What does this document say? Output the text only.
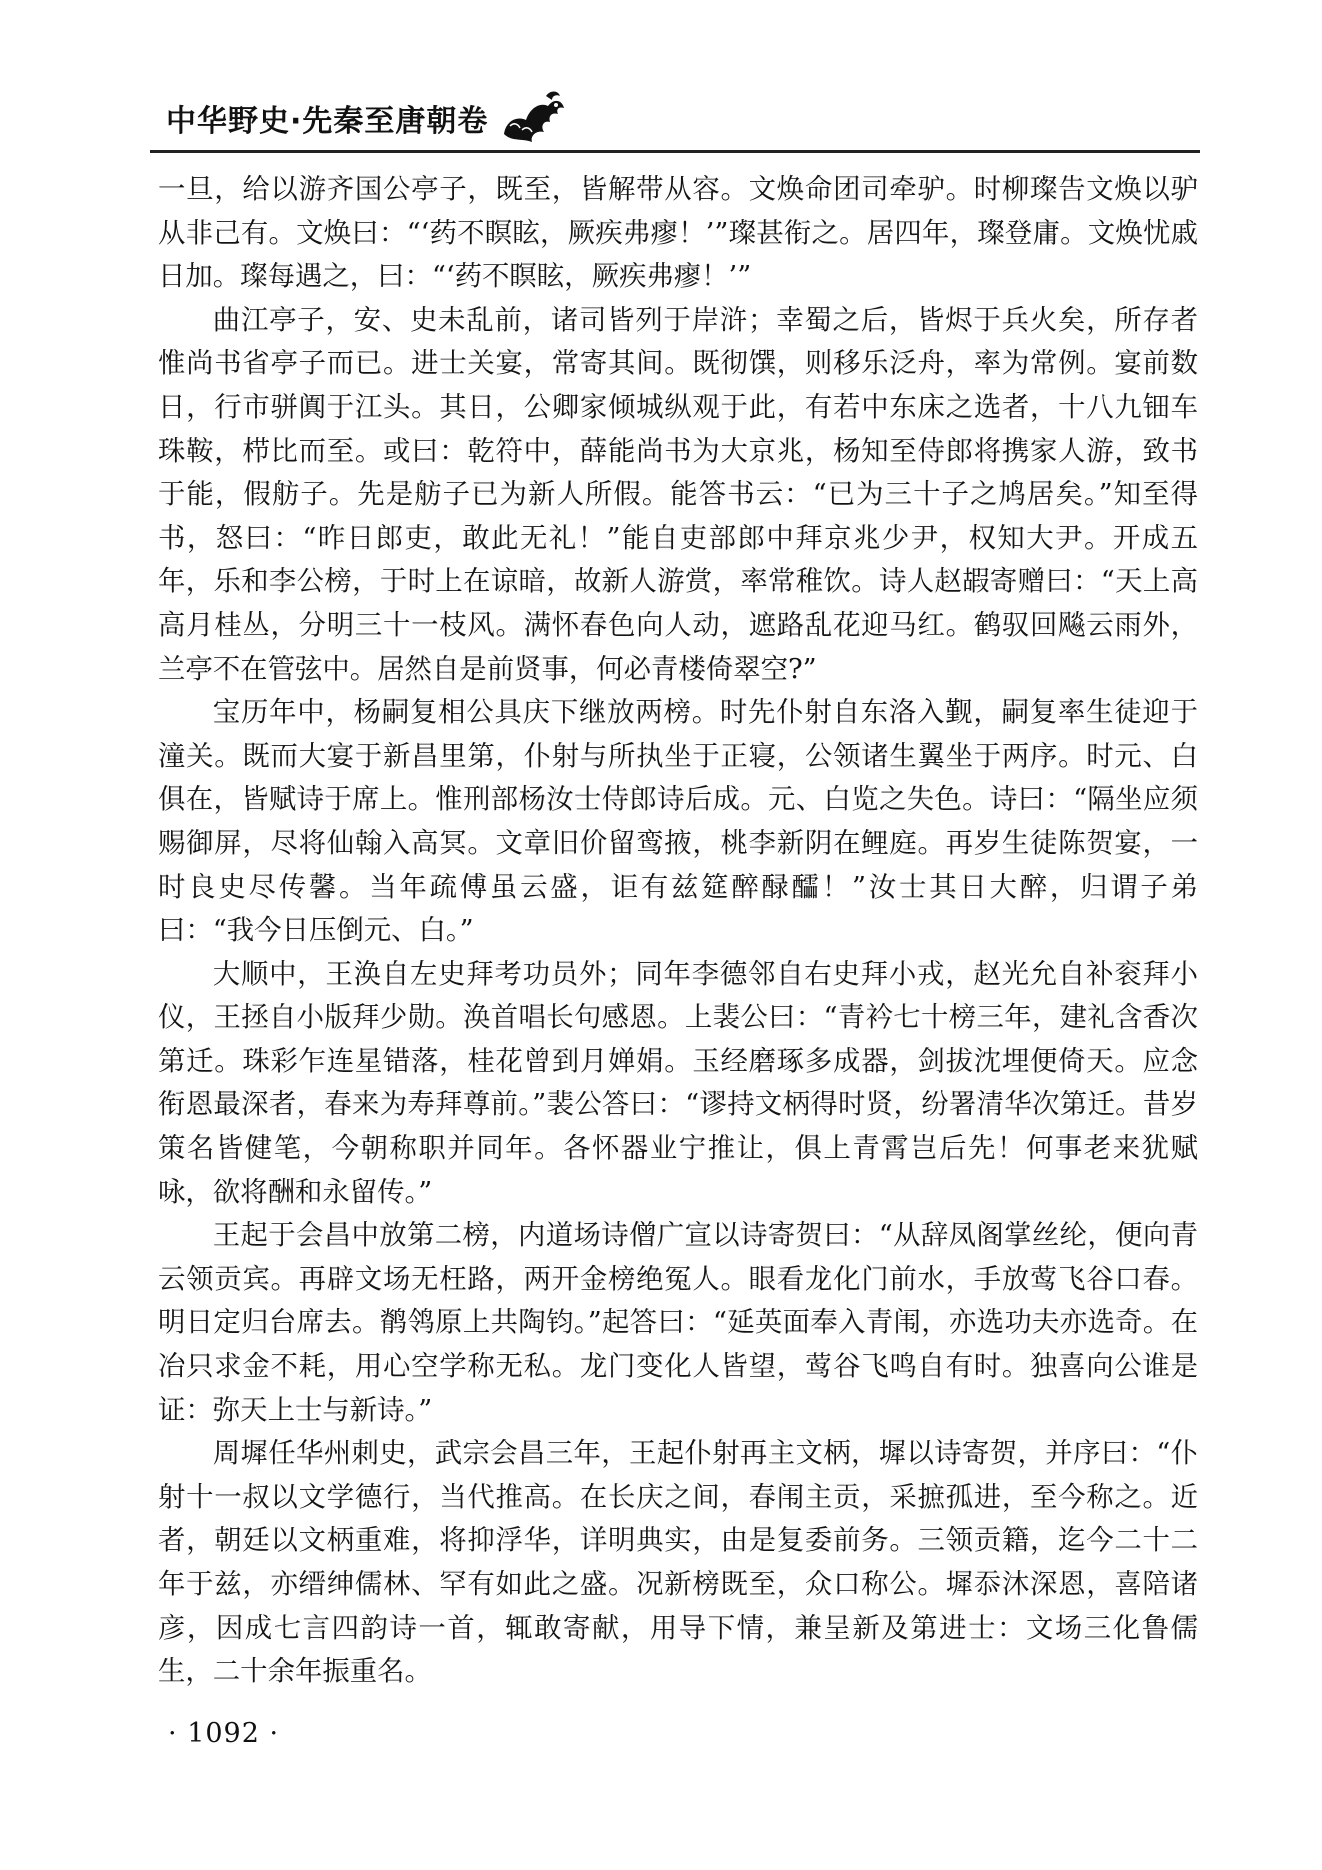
中华野史·先秦至唐朝卷

一旦，给以游齐国公亭子，既至，皆解带从容。文焕命团司牵驴。时柳璨告文焕以驴从非己有。文焕曰：“‘药不瞑眩，厥疾弗瘳！’”璨甚衔之。居四年，璨登庸。文焕忧戚日加。璨每遇之，曰：“‘药不瞑眩，厥疾弗瘳！’”

曲江亭子，安、史未乱前，诸司皆列于岸浒；幸蜀之后，皆烬于兵火矣，所存者惟尚书省亭子而已。进士关宴，常寄其间。既彻馔，则移乐泛舟，率为常例。宴前数日，行市骈阗于江头。其日，公卿家倾城纵观于此，有若中东床之选者，十八九钿车珠鞍，栉比而至。或曰：乾符中，薛能尚书为大京兆，杨知至侍郎将携家人游，致书于能，假舫子。先是舫子已为新人所假。能答书云：“已为三十子之鸠居矣。”知至得书，怒曰：“昨日郎吏，敢此无礼！”能自吏部郎中拜京兆少尹，权知大尹。开成五年，乐和李公榜，于时上在谅暗，故新人游赏，率常稚饮。诗人赵嘏寄赠曰：“天上高高月桂丛，分明三十一枝风。满怀春色向人动，遮路乱花迎马红。鹤驭回飚云雨外，兰亭不在管弦中。居然自是前贤事，何必青楼倚翠空?”

宝历年中，杨嗣复相公具庆下继放两榜。时先仆射自东洛入觐，嗣复率生徒迎于潼关。既而大宴于新昌里第，仆射与所执坐于正寝，公领诸生翼坐于两序。时元、白俱在，皆赋诗于席上。惟刑部杨汝士侍郎诗后成。元、白览之失色。诗曰：“隔坐应须赐御屏，尽将仙翰入高冥。文章旧价留鸾掖，桃李新阴在鲤庭。再岁生徒陈贺宴，一时良史尽传馨。当年疏傅虽云盛，讵有兹筵醉醁醽！”汝士其日大醉，归谓子弟曰：“我今日压倒元、白。”

大顺中，王涣自左史拜考功员外；同年李德邻自右史拜小戎，赵光允自补衮拜小仪，王拯自小版拜少勋。涣首唱长句感恩。上裴公曰：“青衿七十榜三年，建礼含香次第迁。珠彩乍连星错落，桂花曾到月婵娟。玉经磨琢多成器，剑拔沈埋便倚天。应念衔恩最深者，春来为寿拜尊前。”裴公答曰：“谬持文柄得时贤，纷署清华次第迁。昔岁策名皆健笔，今朝称职并同年。各怀器业宁推让，俱上青霄岂后先！何事老来犹赋咏，欲将酬和永留传。”

王起于会昌中放第二榜，内道场诗僧广宣以诗寄贺曰：“从辞凤阁掌丝纶，便向青云领贡宾。再辟文场无枉路，两开金榜绝冤人。眼看龙化门前水，手放莺飞谷口春。明日定归台席去。鹡鸰原上共陶钧。”起答曰：“延英面奉入青闱，亦选功夫亦选奇。在冶只求金不耗，用心空学称无私。龙门变化人皆望，莺谷飞鸣自有时。独喜向公谁是证：弥天上士与新诗。”

周墀任华州刺史，武宗会昌三年，王起仆射再主文柄，墀以诗寄贺，并序曰：“仆射十一叔以文学德行，当代推高。在长庆之间，春闱主贡，采摭孤进，至今称之。近者，朝廷以文柄重难，将抑浮华，详明典实，由是复委前务。三领贡籍，迄今二十二年于兹，亦缙绅儒林、罕有如此之盛。况新榜既至，众口称公。墀忝沐深恩，喜陪诸彦，因成七言四韵诗一首，辄敢寄献，用导下情，兼呈新及第进士：文场三化鲁儒生，二十余年振重名。

· 1092 ·
